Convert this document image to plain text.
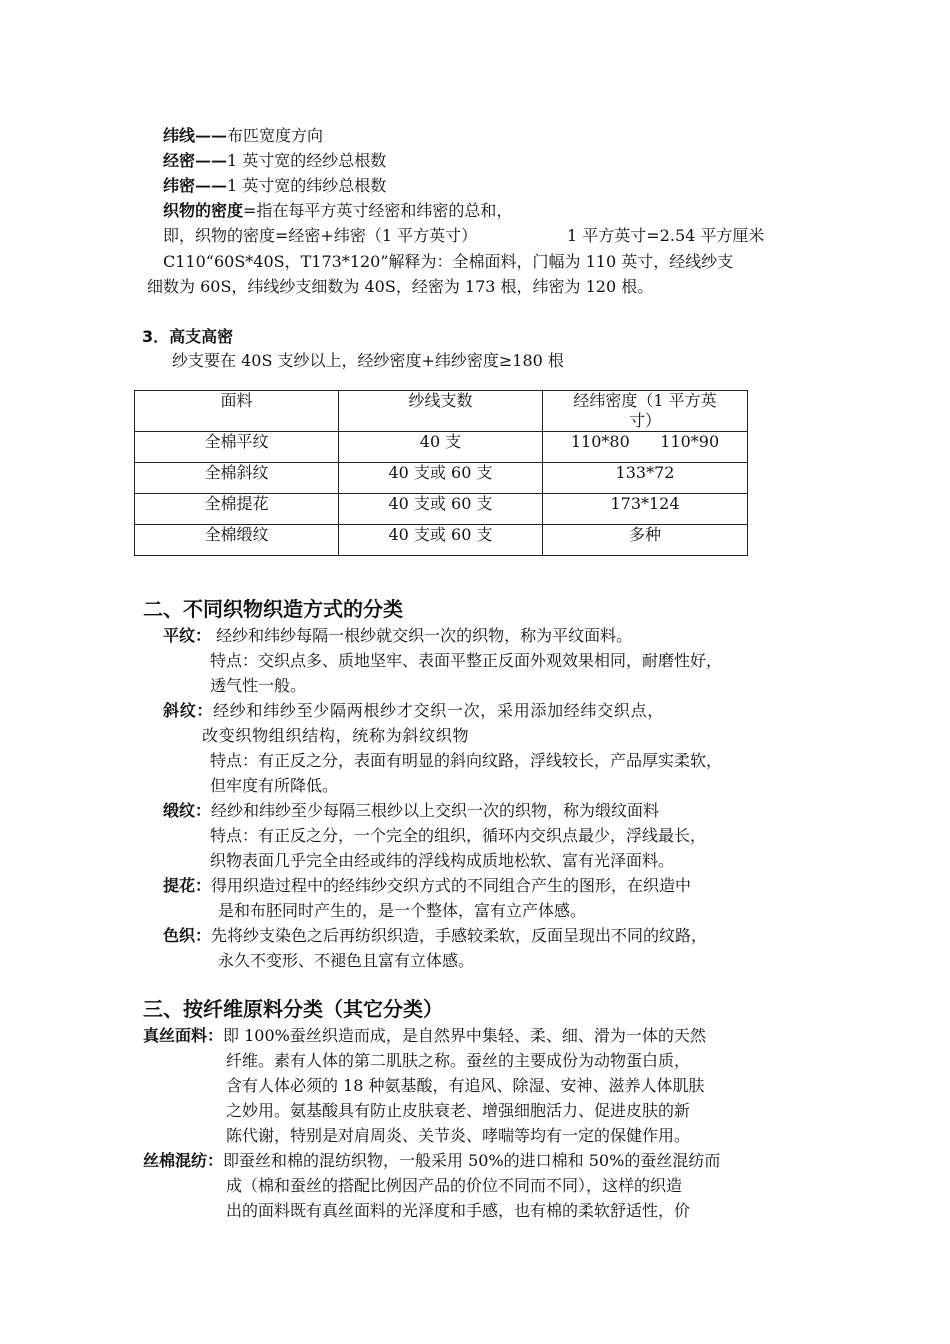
纬线——布匹宽度方向
经密——1 英寸宽的经纱总根数
纬密——1 英寸宽的纬纱总根数
织物的密度=指在每平方英寸经密和纬密的总和，
即，织物的密度=经密+纬密（1 平方英寸）	1 平方英寸=2.54 平方厘米
C110“60S*40S，T173*120”解释为：全棉面料，门幅为 110 英寸，经线纱支
细数为 60S，纬线纱支细数为 40S，经密为 173 根，纬密为 120 根。
3．高支高密
纱支要在 40S 支纱以上，经纱密度+纬纱密度≥180 根
面料	纱线支数	经纬密度（1 平方英
寸）
全棉平纹	40 支	110*80      110*90
全棉斜纹	40 支或 60 支	133*72
全棉提花	40 支或 60 支	173*124
全棉缎纹	40 支或 60 支	多种
二、不同织物织造方式的分类
平纹： 经纱和纬纱每隔一根纱就交织一次的织物，称为平纹面料。
特点：交织点多、质地坚牢、表面平整正反面外观效果相同，耐磨性好，
透气性一般。
斜纹：经纱和纬纱至少隔两根纱才交织一次，采用添加经纬交织点，
改变织物组织结构，统称为斜纹织物
特点：有正反之分，表面有明显的斜向纹路，浮线较长，产品厚实柔软，
但牢度有所降低。
缎纹：经纱和纬纱至少每隔三根纱以上交织一次的织物，称为缎纹面料
特点：有正反之分，一个完全的组织，循环内交织点最少，浮线最长，
织物表面几乎完全由经或纬的浮线构成质地松软、富有光泽面料。
提花：得用织造过程中的经纬纱交织方式的不同组合产生的图形，在织造中
是和布胚同时产生的，是一个整体，富有立产体感。
色织：先将纱支染色之后再纺织织造，手感较柔软，反面呈现出不同的纹路，
永久不变形、不褪色且富有立体感。
三、按纤维原料分类（其它分类）
真丝面料：即 100%蚕丝织造而成，是自然界中集轻、柔、细、滑为一体的天然
纤维。素有人体的第二肌肤之称。蚕丝的主要成份为动物蛋白质，
含有人体必须的 18 种氨基酸，有追风、除湿、安神、滋养人体肌肤
之妙用。氨基酸具有防止皮肤衰老、增强细胞活力、促进皮肤的新
陈代谢，特别是对肩周炎、关节炎、哮喘等均有一定的保健作用。
丝棉混纺：即蚕丝和棉的混纺织物，一般采用 50%的进口棉和 50%的蚕丝混纺而
成（棉和蚕丝的搭配比例因产品的价位不同而不同），这样的织造
出的面料既有真丝面料的光泽度和手感，也有棉的柔软舒适性，价
